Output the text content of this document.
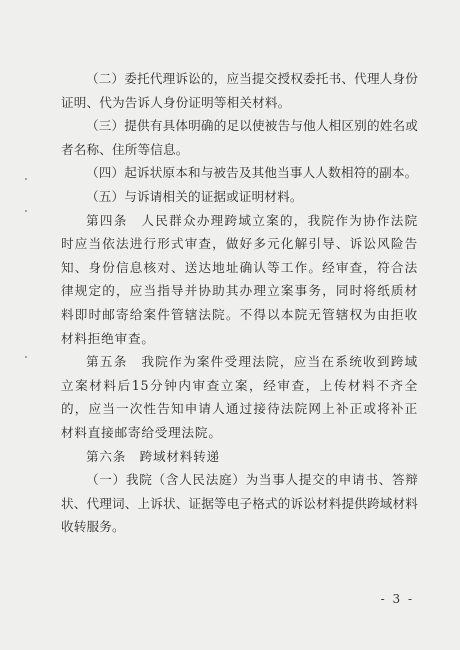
（二）委托代理诉讼的，应当提交授权委托书、代理人身份证明、代为告诉人身份证明等相关材料。

（三）提供有具体明确的足以使被告与他人相区别的姓名或者名称、住所等信息。

（四）起诉状原本和与被告及其他当事人人数相符的副本。

（五）与诉请相关的证据或证明材料。

第四条　人民群众办理跨域立案的，我院作为协作法院时应当依法进行形式审查，做好多元化解引导、诉讼风险告知、身份信息核对、送达地址确认等工作。经审查，符合法律规定的，应当指导并协助其办理立案事务，同时将纸质材料即时邮寄给案件管辖法院。不得以本院无管辖权为由拒收材料拒绝审查。

第五条　我院作为案件受理法院，应当在系统收到跨域立案材料后15分钟内审查立案，经审查，上传材料不齐全的，应当一次性告知申请人通过接待法院网上补正或将补正材料直接邮寄给受理法院。

第六条　跨域材料转递

（一）我院（含人民法庭）为当事人提交的申请书、答辩状、代理词、上诉状、证据等电子格式的诉讼材料提供跨域材料收转服务。

- 3 -
